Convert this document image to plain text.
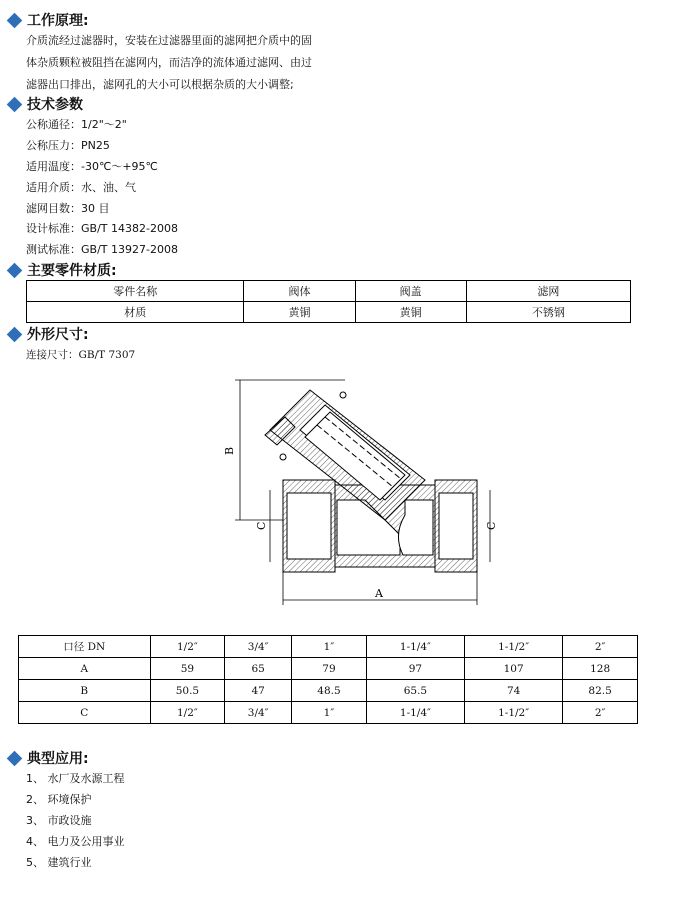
工作原理:
介质流经过滤器时，安装在过滤器里面的滤网把介质中的固
体杂质颗粒被阻挡在滤网内，而洁净的流体通过滤网、由过
滤器出口排出，滤网孔的大小可以根据杂质的大小调整;
技术参数
公称通径：1/2"～2"
公称压力：PN25
适用温度：-30℃～+95℃
适用介质：水、油、气
滤网目数：30 目
设计标准：GB/T 14382-2008
测试标准：GB/T 13927-2008
主要零件材质:
零件名称	阀体	阀盖	滤网
材质	黄铜	黄铜	不锈钢
外形尺寸:
连接尺寸：GB/T 7307
B
C	C
A
口径 DN	1/2″	3/4″	1″	1-1/4″	1-1/2″	2″
A	59	65	79	97	107	128
B	50.5	47	48.5	65.5	74	82.5
C	1/2″	3/4″	1″	1-1/4″	1-1/2″	2″
典型应用:
1、 水厂及水源工程
2、 环境保护
3、 市政设施
4、 电力及公用事业
5、 建筑行业
